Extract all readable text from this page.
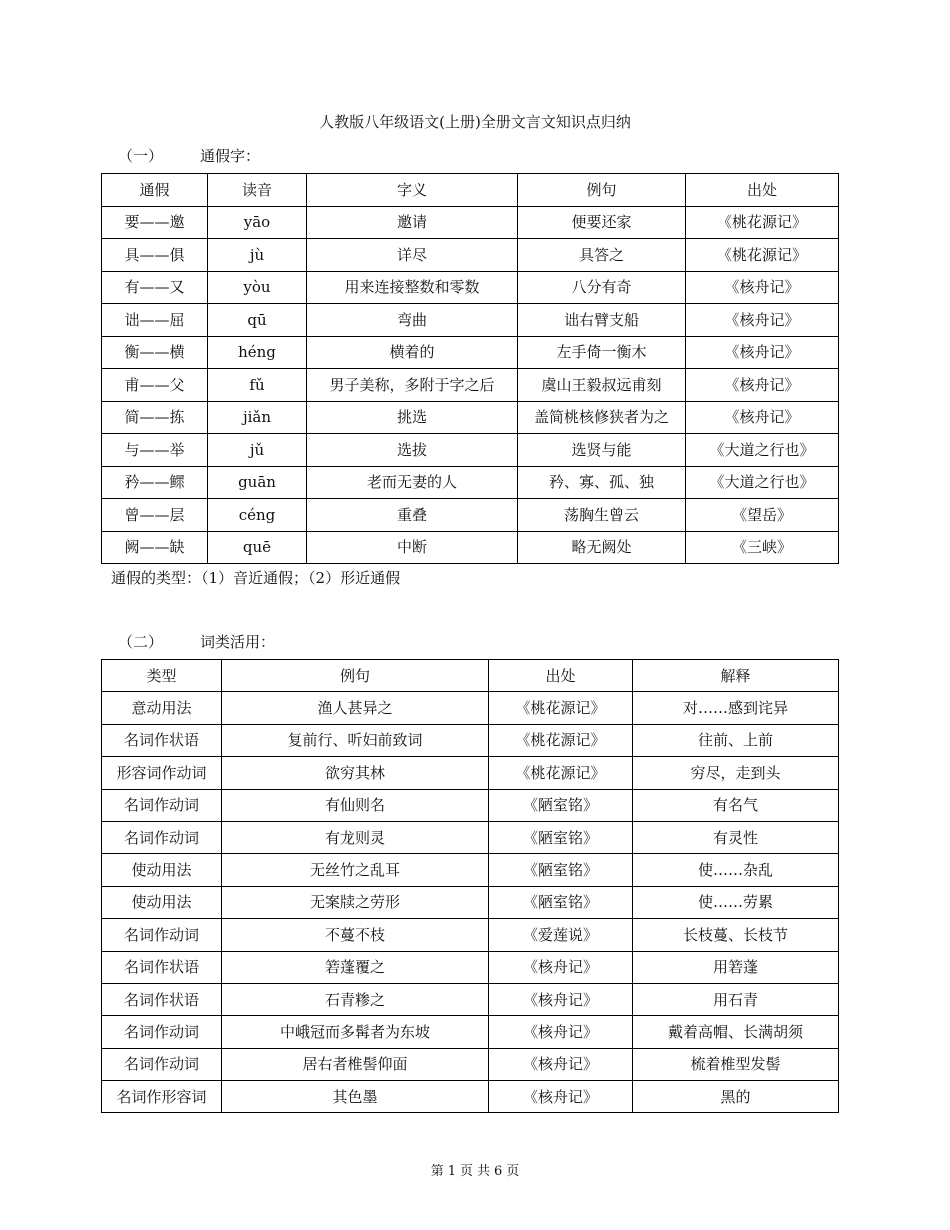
人教版八年级语文(上册)全册文言文知识点归纳
（一） 通假字：
通假	读音	字义	例句	出处
要——邀	yāo	邀请	便要还家	《桃花源记》
具——俱	jù	详尽	具答之	《桃花源记》
有——又	yòu	用来连接整数和零数	八分有奇	《核舟记》
诎——屈	qū	弯曲	诎右臂支船	《核舟记》
衡——横	héng	横着的	左手倚一衡木	《核舟记》
甫——父	fǔ	男子美称，多附于字之后	虞山王毅叔远甫刻	《核舟记》
简——拣	jiǎn	挑选	盖简桃核修狭者为之	《核舟记》
与——举	jǔ	选拔	选贤与能	《大道之行也》
矜——鳏	guān	老而无妻的人	矜、寡、孤、独	《大道之行也》
曾——层	céng	重叠	荡胸生曾云	《望岳》
阙——缺	quē	中断	略无阙处	《三峡》
通假的类型：（1）音近通假；（2）形近通假
（二） 词类活用：
类型	例句	出处	解释
意动用法	渔人甚异之	《桃花源记》	对……感到诧异
名词作状语	复前行、听妇前致词	《桃花源记》	往前、上前
形容词作动词	欲穷其林	《桃花源记》	穷尽，走到头
名词作动词	有仙则名	《陋室铭》	有名气
名词作动词	有龙则灵	《陋室铭》	有灵性
使动用法	无丝竹之乱耳	《陋室铭》	使……杂乱
使动用法	无案牍之劳形	《陋室铭》	使……劳累
名词作动词	不蔓不枝	《爱莲说》	长枝蔓、长枝节
名词作状语	箬蓬覆之	《核舟记》	用箬蓬
名词作状语	石青糁之	《核舟记》	用石青
名词作动词	中峨冠而多髯者为东坡	《核舟记》	戴着高帽、长满胡须
名词作动词	居右者椎髻仰面	《核舟记》	梳着椎型发髻
名词作形容词	其色墨	《核舟记》	黑的
第 1 页 共 6 页
